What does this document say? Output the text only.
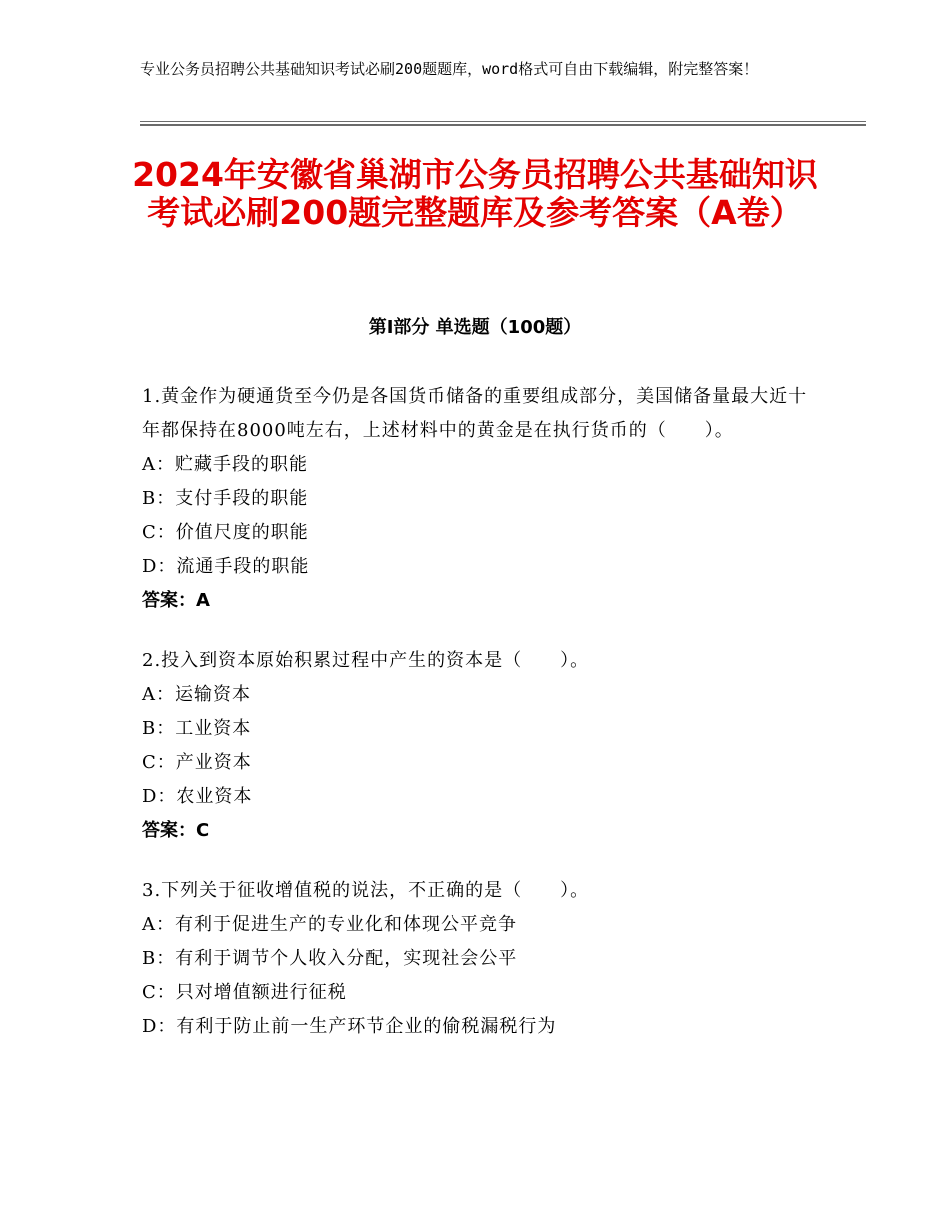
专业公务员招聘公共基础知识考试必刷200题题库，word格式可自由下载编辑，附完整答案！
2024年安徽省巢湖市公务员招聘公共基础知识考试必刷200题完整题库及参考答案（A卷）
第Ⅰ部分 单选题（100题）
1.黄金作为硬通货至今仍是各国货币储备的重要组成部分，美国储备量最大近十年都保持在8000吨左右，上述材料中的黄金是在执行货币的（　　）。
A：贮藏手段的职能
B：支付手段的职能
C：价值尺度的职能
D：流通手段的职能
答案：A
2.投入到资本原始积累过程中产生的资本是（　　）。
A：运输资本
B：工业资本
C：产业资本
D：农业资本
答案：C
3.下列关于征收增值税的说法，不正确的是（　　）。
A：有利于促进生产的专业化和体现公平竞争
B：有利于调节个人收入分配，实现社会公平
C：只对增值额进行征税
D：有利于防止前一生产环节企业的偷税漏税行为
